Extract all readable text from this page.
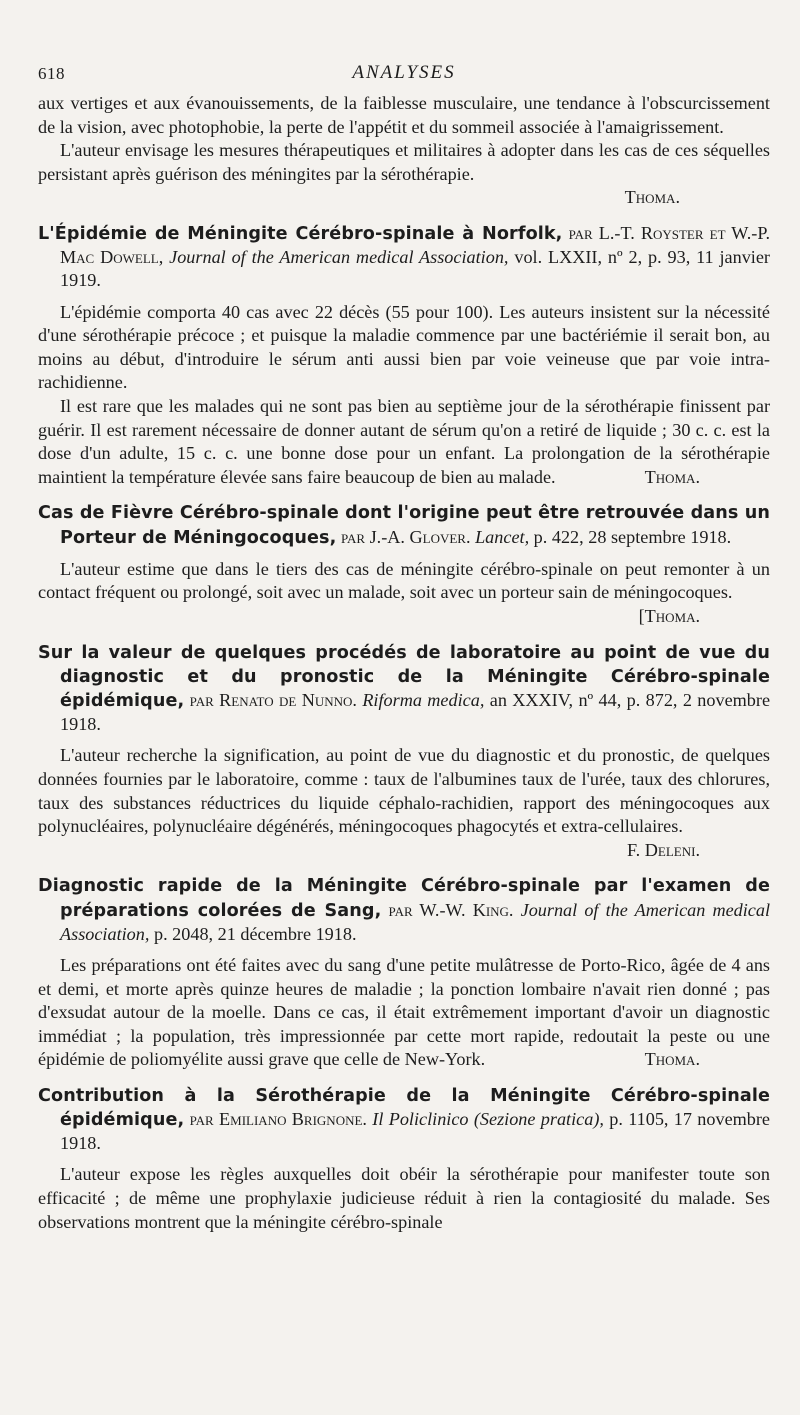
618	ANALYSES

aux vertiges et aux évanouissements, de la faiblesse musculaire, une tendance à l'obscurcissement de la vision, avec photophobie, la perte de l'appétit et du sommeil associée à l'amaigrissement.

L'auteur envisage les mesures thérapeutiques et militaires à adopter dans les cas de ces séquelles persistant après guérison des méningites par la sérothérapie.

Thoma.
L'Épidémie de Méningite Cérébro-spinale à Norfolk, par L.-T. Royster et W.-P. Mac Dowell, Journal of the American medical Association, vol. LXXII, nº 2, p. 93, 11 janvier 1919.

L'épidémie comporta 40 cas avec 22 décès (55 pour 100). Les auteurs insistent sur la nécessité d'une sérothérapie précoce ; et puisque la maladie commence par une bactériémie il serait bon, au moins au début, d'introduire le sérum anti aussi bien par voie veineuse que par voie intra-rachidienne.

Il est rare que les malades qui ne sont pas bien au septième jour de la sérothérapie finissent par guérir. Il est rarement nécessaire de donner autant de sérum qu'on a retiré de liquide ; 30 c. c. est la dose d'un adulte, 15 c. c. une bonne dose pour un enfant. La prolongation de la sérothérapie maintient la température élevée sans faire beaucoup de bien au malade.	Thoma.

Cas de Fièvre Cérébro-spinale dont l'origine peut être retrouvée dans un Porteur de Méningocoques, par J.-A. Glover. Lancet, p. 422, 28 septembre 1918.

L'auteur estime que dans le tiers des cas de méningite cérébro-spinale on peut remonter à un contact fréquent ou prolongé, soit avec un malade, soit avec un porteur sain de méningocoques.
[Thoma.

Sur la valeur de quelques procédés de laboratoire au point de vue du diagnostic et du pronostic de la Méningite Cérébro-spinale épidémique, par Renato de Nunno. Riforma medica, an XXXIV, nº 44, p. 872, 2 novembre 1918.

L'auteur recherche la signification, au point de vue du diagnostic et du pronostic, de quelques données fournies par le laboratoire, comme : taux de l'albumines taux de l'urée, taux des chlorures, taux des substances réductrices du liquide céphalo-rachidien, rapport des méningocoques aux polynucléaires, polynucléaire dégénérés, méningocoques phagocytés et extra-cellulaires.
F. Deleni.

Diagnostic rapide de la Méningite Cérébro-spinale par l'examen de préparations colorées de Sang, par W.-W. King. Journal of the American medical Association, p. 2048, 21 décembre 1918.

Les préparations ont été faites avec du sang d'une petite mulâtresse de Porto-Rico, âgée de 4 ans et demi, et morte après quinze heures de maladie ; la ponction lombaire n'avait rien donné ; pas d'exsudat autour de la moelle. Dans ce cas, il était extrêmement important d'avoir un diagnostic immédiat ; la population, très impressionnée par cette mort rapide, redoutait la peste ou une épidémie de poliomyélite aussi grave que celle de New-York.	Thoma.

Contribution à la Sérothérapie de la Méningite Cérébro-spinale épidémique, par Emiliano Brignone. Il Policlinico (Sezione pratica), p. 1105, 17 novembre 1918.

L'auteur expose les règles auxquelles doit obéir la sérothérapie pour manifester toute son efficacité ; de même une prophylaxie judicieuse réduit à rien la contagiosité du malade. Ses observations montrent que la méningite cérébro-spinale
